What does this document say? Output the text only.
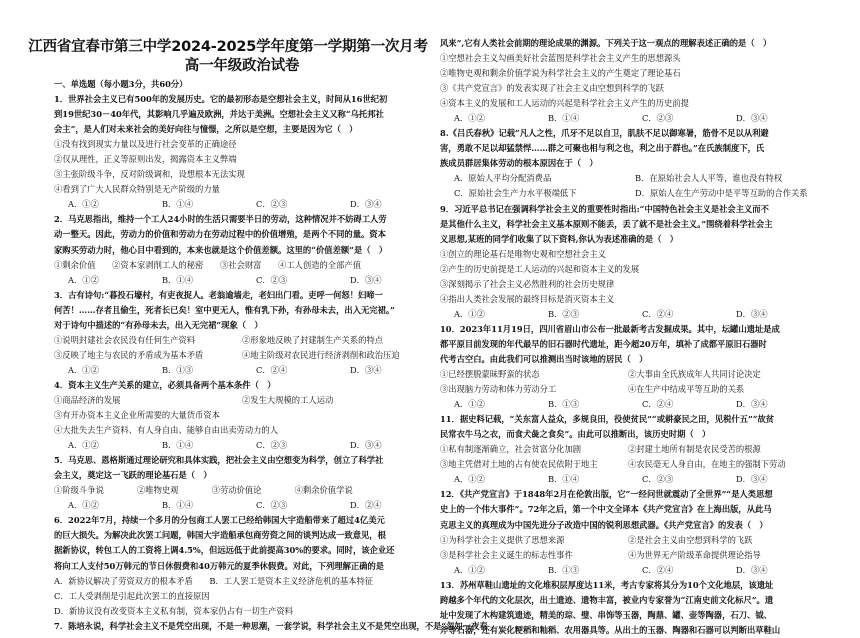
江西省宜春市第三中学2024-2025学年度第一学期第一次月考
高一年级政治试卷
一、单选题（每小题3分，共60分）

1．世界社会主义已有500年的发展历史。它的最初形态是空想社会主义，时间从16世纪初

到19世纪30－40年代，其影响几乎遍及欧洲，并达于美洲。空想社会主义又称“乌托邦社

会主”，是人们对未来社会的美好向往与憧憬，之所以是空想，主要是因为它（　）

①没有找到现实力量以及进行社会变革的正确途径

②仅从理性，正义等原则出发，揭露资本主义弊端

③主张阶级斗争，反对阶级调和，设想根本无法实现

④看到了广大人民群众特别是无产阶级的力量

A．①②	B．①④	C．②③	D．③④

2．马克思指出，维持一个工人24小时的生活只需要半日的劳动，这种情况并不妨碍工人劳

动一整天。因此，劳动力的价值和劳动力在劳动过程中的价值增殖，是两个不同的量。资本

家购买劳动力时，他心目中看到的，本来也就是这个价值差额。这里的“价值差额”是（　）

①剩余价值　　②资本家剥削工人的秘密　　③社会财富　　④工人创造的全部产值

A．①②	B．①④	C．②③	D．③④

3．古有诗句:“暮投石壕村，有吏夜捉人。老翁逾墙走，老妇出门看。吏呼一何怒！妇啼一

何苦！……存者且偷生，死者长已矣！室中更无人，惟有乳下孙，有孙母未去，出入无完裙。”

对于诗句中描述的“有孙母未去，出入无完裙”现象（　）

①说明封建社会农民没有任何生产资料	②形象地反映了封建制生产关系的特点
③反映了地主与农民的矛盾成为基本矛盾	④地主阶级对农民进行经济剥削和政治压迫
A．①②	B．①③	C．②④	D．③④

4．资本主义生产关系的建立，必须具备两个基本条件（　）

①商品经济的发展	②发生大规模的工人运动

③有开办资本主义企业所需要的大量货币资本

④大批失去生产资料、有人身自由、能够自由出卖劳动力的人

A．①②	B．①④	C．②③	D．③④

5．马克思、恩格斯通过理论研究和具体实践，把社会主义由空想变为科学，创立了科学社

会主义，奠定这一飞跃的理论基石是（　）

①阶级斗争说　　　　②唯物史观　　　　③劳动价值论　　　　④剩余价值学说

A．①②	B．①④	C．②③	D．②④

6．2022年7月，持续一个多月的分包商工人罢工已经给韩国大宇造船带来了超过4亿美元

的巨大损失。为解决此次罢工问题，韩国大宇造船承包商劳资之间的谈判达成一致意见，根

据新协议，转包工人的工资将上调4.5%，但远远低于此前提高30%的要求。同时，该企业还

将向工人支付50万韩元的节日休假费和40万韩元的夏季休假费。对此，下列理解正确的是

A．新协议解决了劳资双方的根本矛盾　　B．工人罢工是资本主义经济危机的基本特征

C．工人受剥削是引起此次罢工的直接原因

D．新协议没有改变资本主义私有制，资本家仍占有一切生产资料

7．陈培永说，科学社会主义不是凭空出现，不是一种思潮，一套学说，科学社会主义不是凭空出现，不是“忽如一夜春

风来”,它有人类社会前期的理论成果的渊源。下列关于这一观点的理解表述正确的是（　）

①空想社会主义勾画美好社会蓝图是科学社会主义产生的思想源头

②唯物史观和剩余价值学说为科学社会主义的产生奠定了理论基石

③《共产党宣言》的发表实现了社会主义由空想到科学的飞跃

④资本主义的发展和工人运动的兴起是科学社会主义产生的历史前提

A．①②	B．①④	C．②③	D．③④

8.《吕氏春秋》记载“凡人之性，爪牙不足以自卫，肌肤不足以御寒暑，筋骨不足以从利避

害，勇敢不足以却猛禁悍……群之可聚也相与利之也，利之出于群也。”在氏族制度下，氏

族成员群居集体劳动的根本原因在于（　）

A．原始人平均分配消费品	B．在原始社会人人平等，谁也没有特权
C．原始社会生产力水平极端低下	D．原始人在生产劳动中是平等互助的合作关系

9．习近平总书记在强调科学社会主义的重要性时指出:“中国特色社会主义是社会主义而不

是其他什么主义，科学社会主义基本原则不能丢，丢了就不是社会主义。”围绕着科学社会主

义思想,某班的同学们收集了以下资料,你认为表述准确的是（　）

①创立的理论基石是唯物史观和空想社会主义

②产生的历史前提是工人运动的兴起和资本主义的发展

③深刻揭示了社会主义必然胜利的社会历史规律

④指出人类社会发展的最终目标是消灭资本主义

A．①②	B．②③	C．②④	D．③④

10．2023年11月19日，四川省眉山市公布一批最新考古发掘成果。其中，坛罐山遗址是成

都平原目前发现的年代最早的旧石器时代遗址，距今超20万年，填补了成都平原旧石器时

代考古空白。由此我们可以推测出当时该地的居民（　）

①已经摆脱蒙昧野蛮的状态	②大事由全氏族成年人共同讨论决定
③出现脑力劳动和体力劳动分工	④在生产中结成平等互助的关系
A．①②	B．①③	C．②④	D．③④

11．据史料记载，“关东富人益众，多规良田，役使贫民”“或耕豪民之田，见税什五”“故贫

民常衣牛马之衣，而食犬彘之食矣”。由此可以推断出，该历史时期（　）

①私有制逐渐确立，社会贫富分化加剧	②封建土地所有制是农民受苦的根源
③地主凭借对土地的占有使农民依附于地主	④农民毫无人身自由，在地主的强制下劳动
A．①②	B．①④	C．②③	D．③④

12．《共产党宣言》于1848年2月在伦敦出版，它“一经问世就震动了全世界”“是人类思想

史上的一个伟大事件”。72年之后，第一个中文全译本《共产党宣言》在上海出版，从此马

克思主义的真理成为中国先进分子改造中国的锐利思想武器。《共产党宣言》的发表（　）

①为科学社会主义提供了思想来源	②是社会主义由空想到科学的飞跃
③是科学社会主义诞生的标志性事件	④为世界无产阶级革命提供理论指导
A．①②	B．①③	C．②④	D．③④

13．苏州草鞋山遗址的文化堆积层厚度达11米，考古专家将其分为10个文化地层，该遗址

跨越多个年代的文化层次，出土遗迹、遗物丰富，被业内专家誉为“江南史前文化标尺”。遗

址中发现了木构建筑遗迹，精美的琮、璧、串饰等玉器，陶鼎、罐、壶等陶器，石刀、钺、

斧等石器，还有炭化粳稻和籼稻、农用器具等。从出土的玉器、陶器和石器可以判断出草鞋山
